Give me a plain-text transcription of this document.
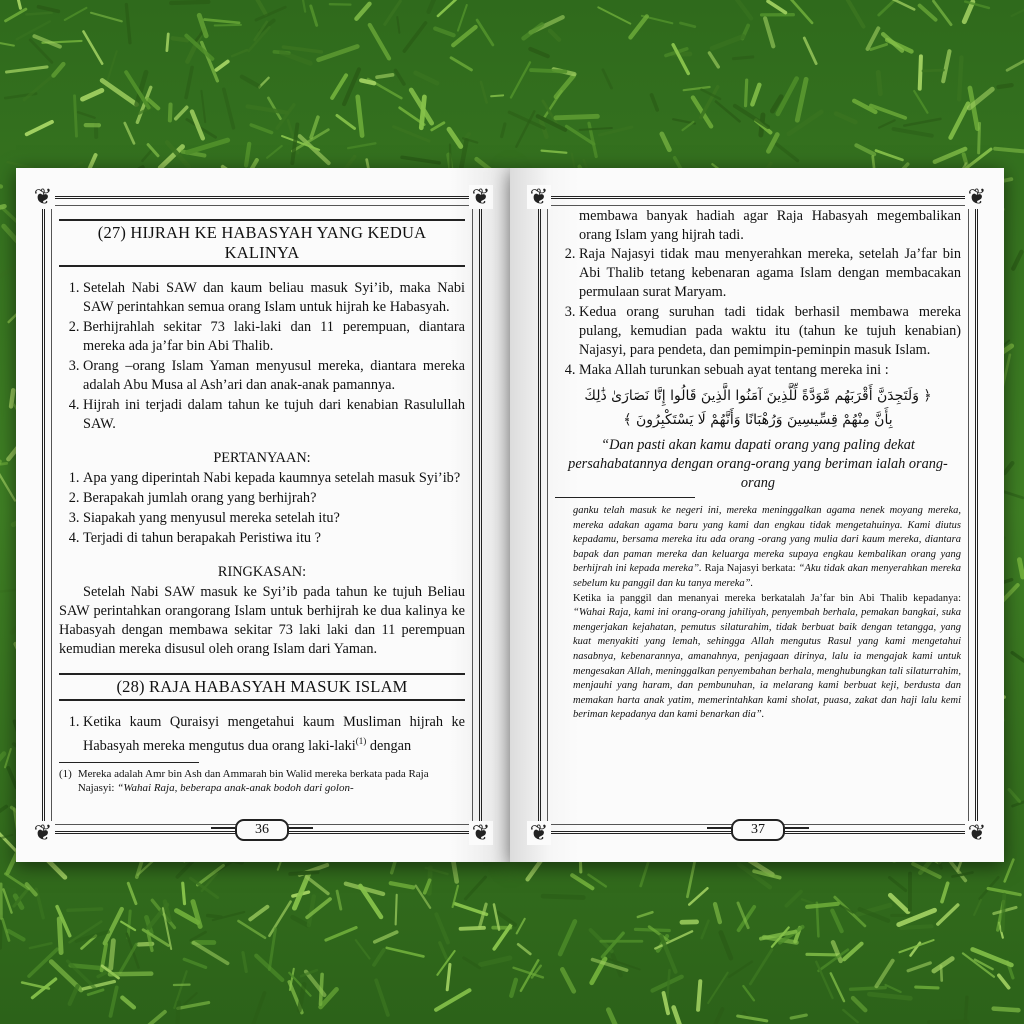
❦	❦
❦	❦
(27) HIJRAH KE HABASYAH YANG KEDUA KALINYA
1. Setelah Nabi SAW dan kaum beliau masuk Syi’ib, maka Nabi SAW perintahkan semua orang Islam untuk hijrah ke Habasyah.
2. Berhijrahlah sekitar 73 laki-laki dan 11 perempuan, diantara mereka ada ja’far bin Abi Thalib.
3. Orang –orang Islam Yaman menyusul mereka, diantara mereka adalah Abu Musa al Ash’ari dan anak-anak pamannya.
4. Hijrah ini terjadi dalam tahun ke tujuh dari kenabian Rasulullah SAW.
PERTANYAAN:
1. Apa yang diperintah Nabi kepada kaumnya setelah masuk Syi’ib?
2. Berapakah jumlah orang yang berhijrah?
3. Siapakah yang menyusul mereka setelah itu?
4. Terjadi di tahun berapakah Peristiwa itu ?
RINGKASAN:

Setelah Nabi SAW masuk ke Syi’ib pada tahun ke tujuh Beliau SAW perintahkan orangorang Islam untuk berhijrah ke dua kalinya ke Habasyah dengan membawa sekitar 73 laki laki dan 11 perempuan kemudian mereka disusul oleh orang Islam dari Yaman.

(28) RAJA HABASYAH MASUK ISLAM
1. Ketika kaum Quraisyi mengetahui kaum Musliman hijrah ke Habasyah mereka mengutus dua orang laki-laki$^{(1)}$ dengan
(1) Mereka adalah Amr bin Ash dan Ammarah bin Walid mereka berkata pada Raja Najasyi: “Wahai Raja, beberapa anak-anak bodoh dari golon-
36
❦	❦
❦	❦

membawa banyak hadiah agar Raja Habasyah megembalikan orang Islam yang hijrah tadi.

2. Raja Najasyi tidak mau menyerahkan mereka, setelah Ja’far bin Abi Thalib tetang kebenaran agama Islam dengan membacakan permulaan surat Maryam.
3. Kedua orang suruhan tadi tidak berhasil membawa mereka pulang, kemudian pada waktu itu (tahun ke tujuh kenabian) Najasyi, para pendeta, dan pemimpin-peminpin masuk Islam.
4. Maka Allah turunkan sebuah ayat tentang mereka ini :
﴿ وَلَتَجِدَنَّ أَقْرَبَهُم مَّوَدَّةً لِّلَّذِينَ آمَنُوا الَّذِينَ قَالُوا إِنَّا نَصَارَىٰ ذَٰلِكَ
بِأَنَّ مِنْهُمْ قِسِّيسِينَ وَرُهْبَانًا وَأَنَّهُمْ لَا يَسْتَكْبِرُونَ ﴾

“Dan pasti akan kamu dapati orang yang paling dekat persahabatannya dengan orang-orang yang beriman ialah orang-orang

ganku telah masuk ke negeri ini, mereka meninggalkan agama nenek moyang mereka, mereka adakan agama baru yang kami dan engkau tidak mengetahuinya. Kami diutus kepadamu, bersama mereka itu ada orang -orang yang mulia dari kaum mereka, diantara bapak dan paman mereka dan keluarga mereka supaya engkau kembalikan orang yang berhijrah ini kepada mereka”. Raja Najasyi berkata: “Aku tidak akan menyerahkan mereka sebelum ku panggil dan ku tanya mereka”.
Ketika ia panggil dan menanyai mereka berkatalah Ja’far bin Abi Thalib kepadanya: “Wahai Raja, kami ini orang-orang jahiliyah, penyembah berhala, pemakan bangkai, suka mengerjakan kejahatan, pemutus silaturahim, tidak berbuat baik dengan tetangga, yang kuat menyakiti yang lemah, sehingga Allah mengutus Rasul yang kami mengetahui nasabnya, kebenarannya, amanahnya, penjagaan dirinya, lalu ia mengajak kami untuk mengesakan Allah, meninggalkan penyembahan berhala, menghubungkan tali silaturrahim, menjauhi yang haram, dan pembunuhan, ia melarang kami berbuat keji, berdusta dan memakan harta anak yatim, memerintahkan kami sholat, puasa, zakat dan haji lalu kemi beriman kepadanya dan kami benarkan dia”.

37
